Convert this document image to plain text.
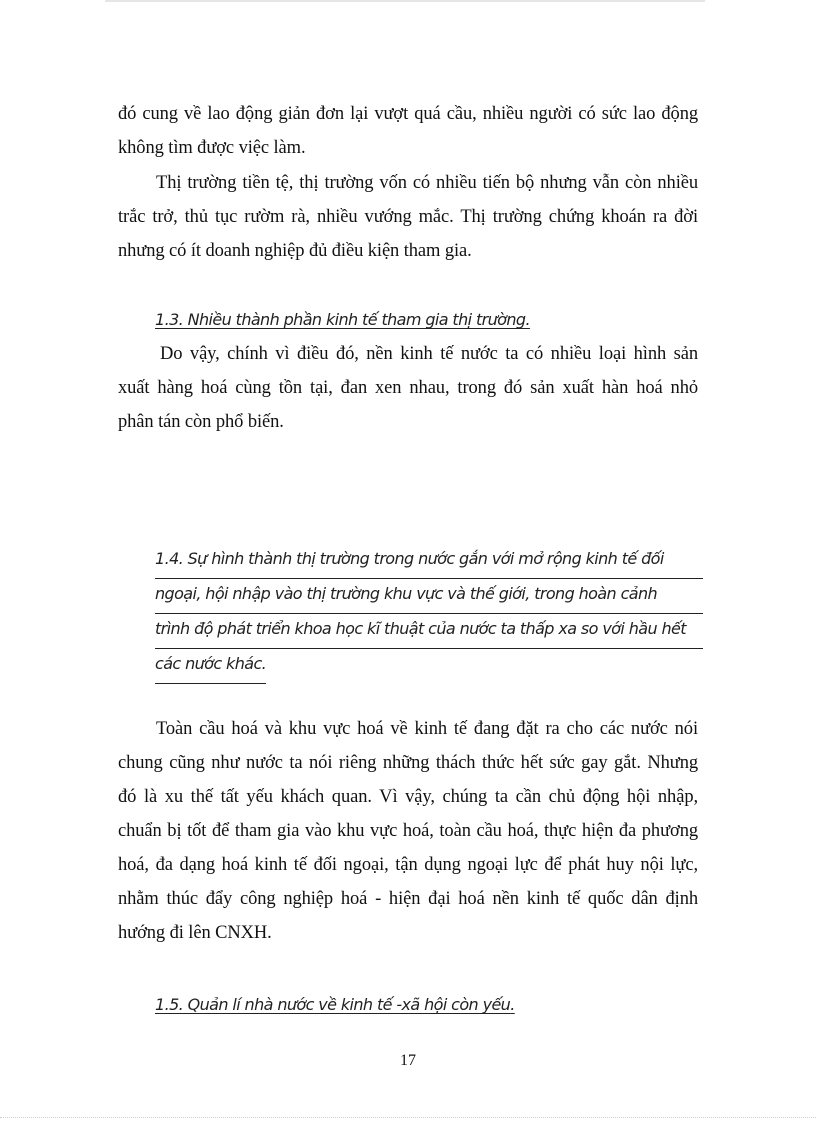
đó cung về lao động giản đơn lại vượt quá cầu, nhiều người có sức lao động
không tìm được việc làm.
Thị trường tiền tệ, thị trường vốn có nhiều tiến bộ nhưng vẫn còn nhiều
trắc trở, thủ tục rườm rà, nhiều vướng mắc. Thị trường chứng khoán ra đời
nhưng có ít doanh nghiệp đủ điều kiện tham gia.
1.3. Nhiều thành phần kinh tế tham gia thị trường.
Do vậy, chính vì điều đó, nền kinh tế nước ta có nhiều loại hình sản
xuất hàng hoá cùng tồn tại, đan xen nhau, trong đó sản xuất hàn hoá nhỏ
phân tán còn phổ biến.
1.4. Sự hình thành thị trường trong nước gắn với mở rộng kinh tế đối
ngoại, hội nhập vào thị trường khu vực và thế giới, trong hoàn cảnh
trình độ phát triển khoa học kĩ thuật của nước ta thấp xa so với hầu hết
các nước khác.
Toàn cầu hoá và khu vực hoá về kinh tế đang đặt ra cho các nước nói
chung cũng như nước ta nói riêng những thách thức hết sức gay gắt. Nhưng
đó là xu thế tất yếu khách quan. Vì vậy, chúng ta cần chủ động hội nhập,
chuẩn bị tốt để tham gia vào khu vực hoá, toàn cầu hoá, thực hiện đa phương
hoá, đa dạng hoá kinh tế đối ngoại, tận dụng ngoại lực để phát huy nội lực,
nhằm thúc đẩy công nghiệp hoá - hiện đại hoá nền kinh tế quốc dân định
hướng đi lên CNXH.
1.5. Quản lí nhà nước về kinh tế -xã hội còn yếu.
17
